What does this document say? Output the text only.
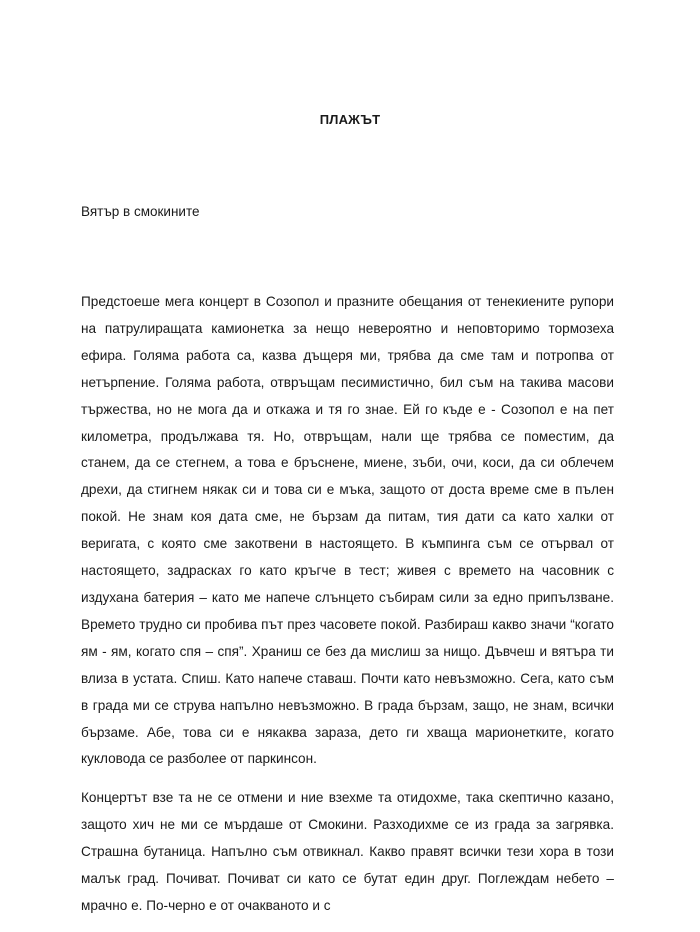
ПЛАЖЪТ
Вятър в смокините

Предстоеше мега концерт в Созопол и празните обещания от тенекиените рупори на патрулиращата камионетка за нещо невероятно и неповторимо тормозеха ефира. Голяма работа са, казва дъщеря ми, трябва да сме там и потропва от нетърпение. Голяма работа, отвръщам песимистично, бил съм на такива масови тържества, но не мога да и откажа и тя го знае. Ей го къде е - Созопол е на пет километра, продължава тя. Но, отвръщам, нали ще трябва се поместим, да станем, да се стегнем, а това е бръснене, миене, зъби, очи, коси, да си облечем дрехи, да стигнем някак си и това си е мъка, защото от доста време сме в пълен покой. Не знам коя дата сме, не бързам да питам, тия дати са като халки от веригата, с която сме закотвени в настоящето. В къмпинга съм се отървал от настоящето, задрасках го като кръгче в тест; живея с времето на часовник с издухана батерия – като ме напече слънцето събирам сили за едно припълзване. Времето трудно си пробива път през часовете покой. Разбираш какво значи “когато ям - ям, когато спя – спя”. Храниш се без да мислиш за нищо. Дъвчеш и вятъра ти влиза в устата. Спиш. Като напече ставаш. Почти като невъзможно. Сега, като съм в града ми се струва напълно невъзможно. В града бързам, защо, не знам, всички бързаме. Абе, това си е някаква зараза, дето ги хваща марионетките, когато кукловода се разболее от паркинсон.

Концертът взе та не се отмени и ние взехме та отидохме, така скептично казано, защото хич не ми се мърдаше от Смокини. Разходихме се из града за загрявка. Страшна бутаница. Напълно съм отвикнал. Какво правят всички тези хора в този малък град. Почиват. Почиват си като се бутат един друг. Поглеждам небето – мрачно е. По-черно е от очакваното и с
